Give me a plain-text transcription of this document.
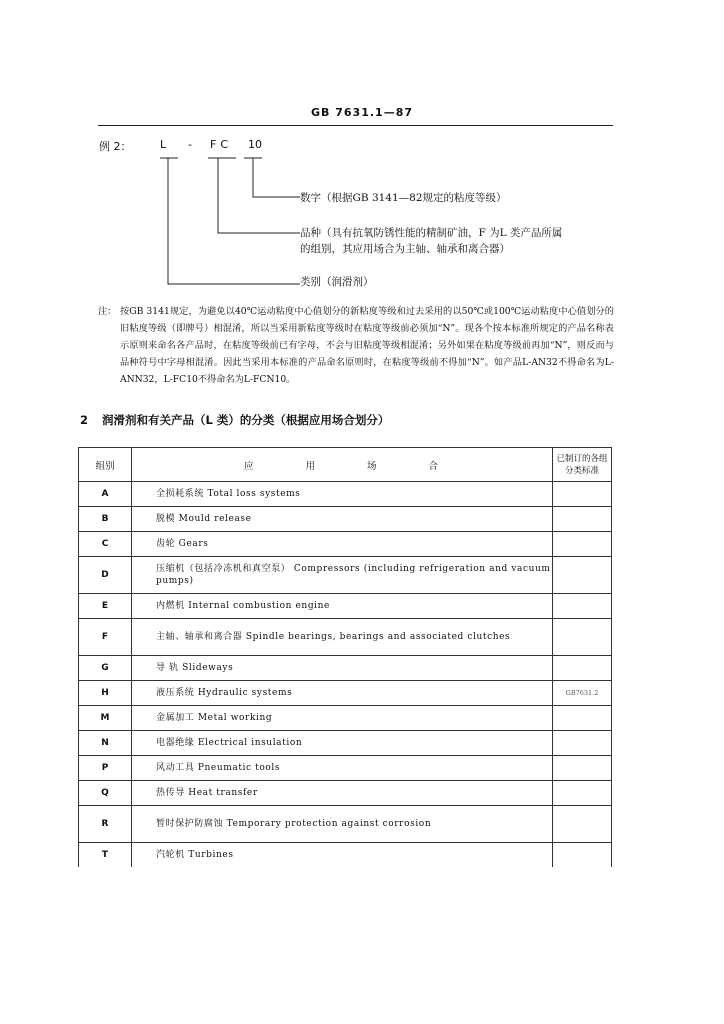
GB 7631.1—87
例 2：	L - FC 10
数字（根据GB 3141—82规定的粘度等级）
品种（具有抗氧防锈性能的精制矿油，F 为L 类产品所属
的组别，其应用场合为主轴、轴承和离合器）
类别（润滑剂）
注： 按GB 3141规定，为避免以40℃运动粘度中心值划分的新粘度等级和过去采用的以50℃或100℃运动粘度中心值划分的旧粘度等级（即牌号）相混淆，所以当采用新粘度等级时在粘度等级前必须加“N”。现各个按本标准所规定的产品名称表示原则来命名各产品时，在粘度等级前已有字母，不会与旧粘度等级相混淆；另外如果在粘度等级前再加“N”，则反而与品种符号中字母相混淆。因此当采用本标准的产品命名原则时，在粘度等级前不得加“N”。如产品L-AN32不得命名为L-ANN32，L-FC10不得命名为L-FCN10。
2 润滑剂和有关产品（L 类）的分类（根据应用场合划分）
组别	应用场合	已制订的各组分类标准
A	全损耗系统 Total loss systems	
B	脱模 Mould release	
C	齿轮 Gears	
D	压缩机（包括冷冻机和真空泵） Compressors (including refrigeration and vacuum pumps)	
E	内燃机 Internal combustion engine	
F	主轴、轴承和离合器 Spindle bearings, bearings and associated clutches	
G	导 轨 Slideways	
H	液压系统 Hydraulic systems	GB7631.2
M	金属加工 Metal working	
N	电器绝缘 Electrical insulation	
P	风动工具 Pneumatic tools	
Q	热传导 Heat transfer	
R	暂时保护防腐蚀 Temporary protection against corrosion	
T	汽轮机 Turbines	
